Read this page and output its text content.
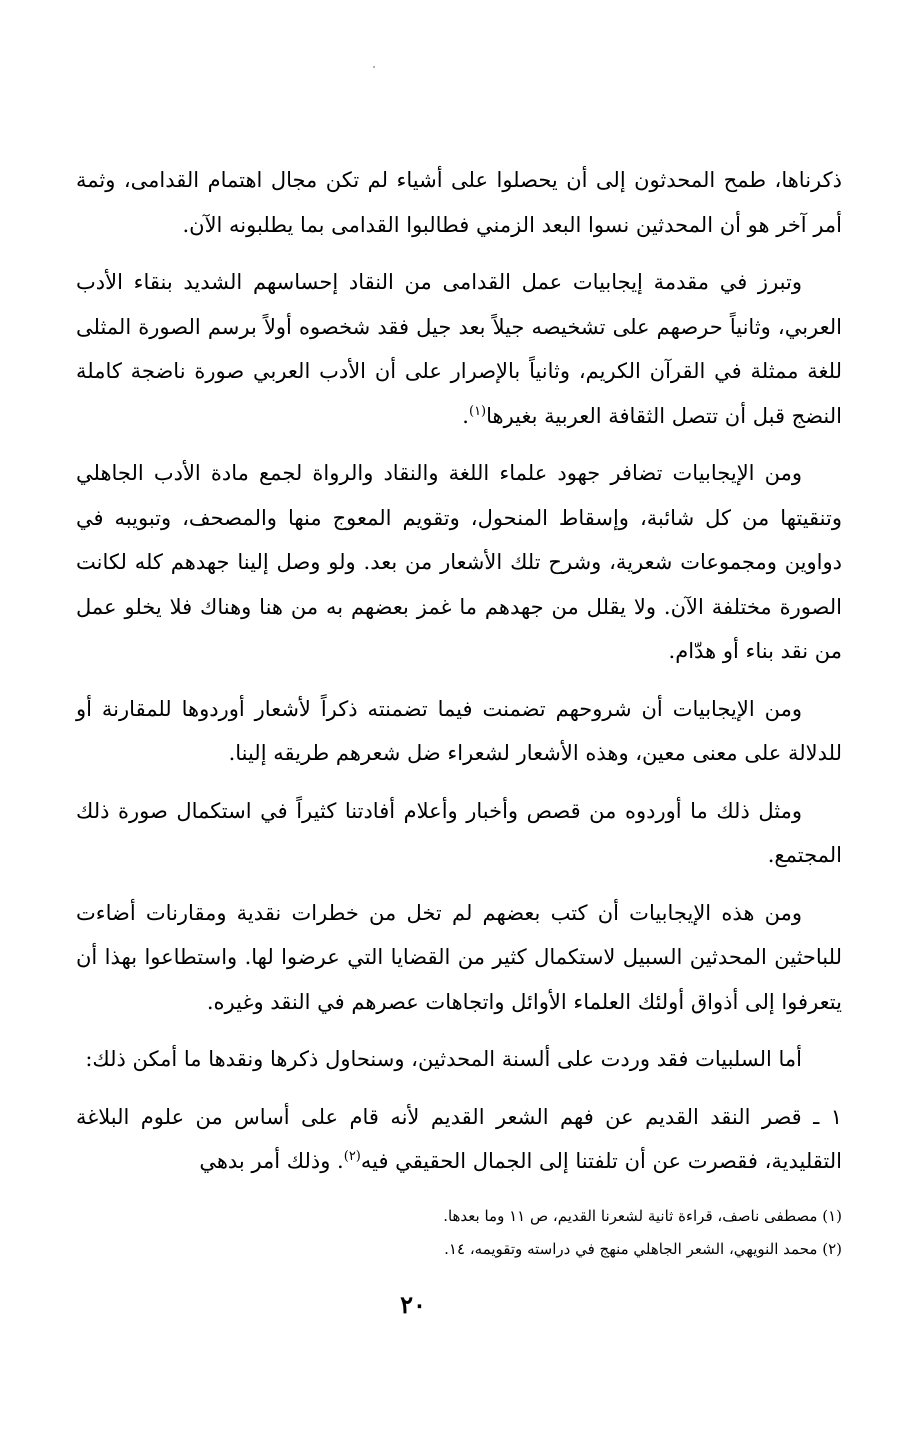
ذكرناها، طمح المحدثون إلى أن يحصلوا على أشياء لم تكن مجال اهتمام القدامى، وثمة أمر آخر هو أن المحدثين نسوا البعد الزمني فطالبوا القدامى بما يطلبونه الآن.

وتبرز في مقدمة إيجابيات عمل القدامى من النقاد إحساسهم الشديد بنقاء الأدب العربي، وثانياً حرصهم على تشخيصه جيلاً بعد جيل فقد شخصوه أولاً برسم الصورة المثلى للغة ممثلة في القرآن الكريم، وثانياً بالإصرار على أن الأدب العربي صورة ناضجة كاملة النضج قبل أن تتصل الثقافة العربية بغيرها$^{(١)}$.

ومن الإيجابيات تضافر جهود علماء اللغة والنقاد والرواة لجمع مادة الأدب الجاهلي وتنقيتها من كل شائبة، وإسقاط المنحول، وتقويم المعوج منها والمصحف، وتبويبه في دواوين ومجموعات شعرية، وشرح تلك الأشعار من بعد. ولو وصل إلينا جهدهم كله لكانت الصورة مختلفة الآن. ولا يقلل من جهدهم ما غمز بعضهم به من هنا وهناك فلا يخلو عمل من نقد بناء أو هدّام.

ومن الإيجابيات أن شروحهم تضمنت فيما تضمنته ذكراً لأشعار أوردوها للمقارنة أو للدلالة على معنى معين، وهذه الأشعار لشعراء ضل شعرهم طريقه إلينا.

ومثل ذلك ما أوردوه من قصص وأخبار وأعلام أفادتنا كثيراً في استكمال صورة ذلك المجتمع.

ومن هذه الإيجابيات أن كتب بعضهم لم تخل من خطرات نقدية ومقارنات أضاءت للباحثين المحدثين السبيل لاستكمال كثير من القضايا التي عرضوا لها. واستطاعوا بهذا أن يتعرفوا إلى أذواق أولئك العلماء الأوائل واتجاهات عصرهم في النقد وغيره.

أما السلبيات فقد وردت على ألسنة المحدثين، وسنحاول ذكرها ونقدها ما أمكن ذلك:

١ ـ قصر النقد القديم عن فهم الشعر القديم لأنه قام على أساس من علوم البلاغة التقليدية، فقصرت عن أن تلفتنا إلى الجمال الحقيقي فيه$^{(٢)}$. وذلك أمر بدهي

(١) مصطفى ناصف، قراءة ثانية لشعرنا القديم، ص ١١ وما بعدها.
(٢) محمد النويهي، الشعر الجاهلي منهج في دراسته وتقويمه، ١٤.
٢٠
